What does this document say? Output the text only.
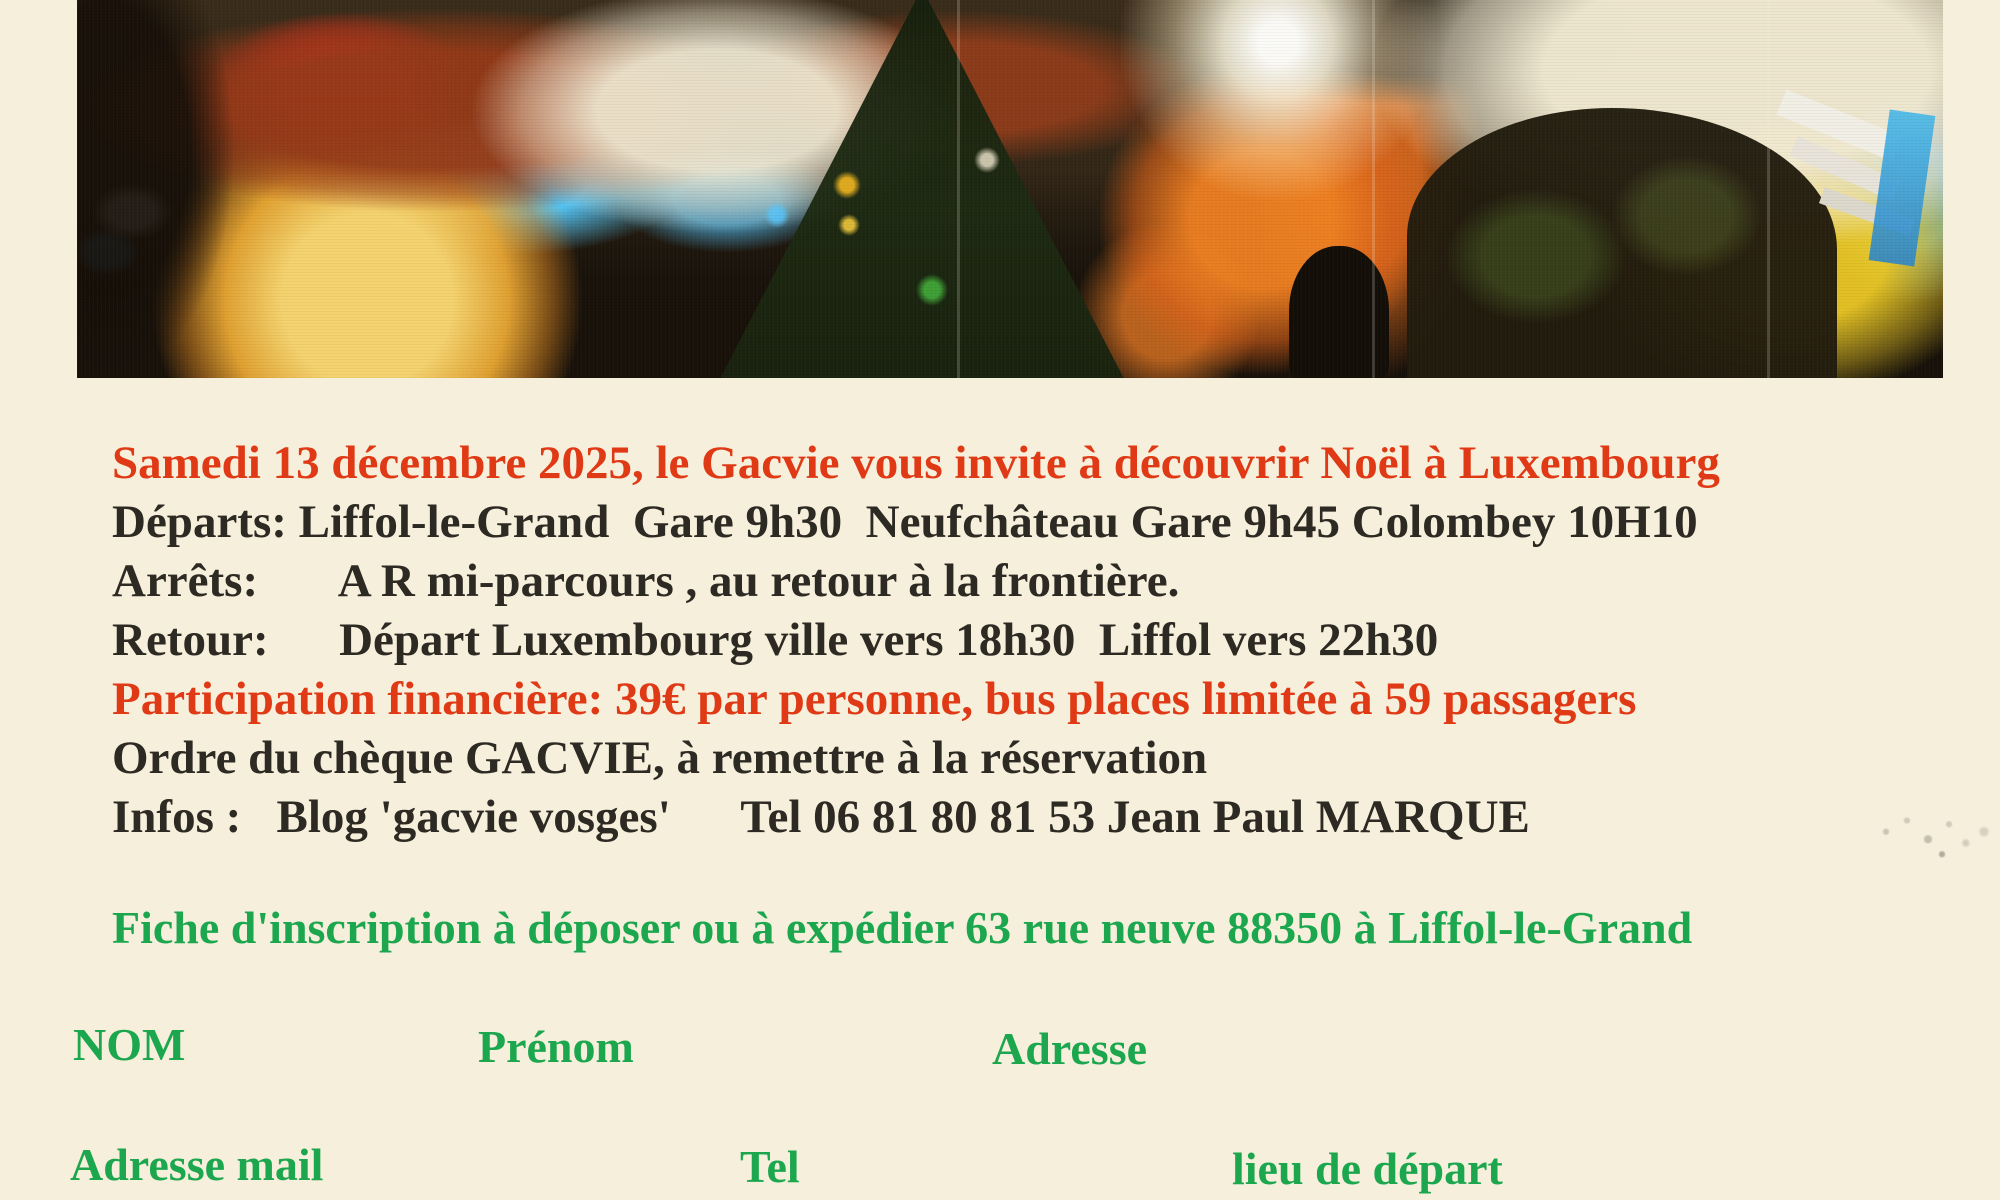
Samedi 13 décembre 2025, le Gacvie vous invite à découvrir Noël à Luxembourg

Départs: Liffol-le-Grand  Gare 9h30  Neufchâteau Gare 9h45 Colombey 10H10

Arrêts:       A R mi-parcours , au retour à la frontière.

Retour:      Départ Luxembourg ville vers 18h30  Liffol vers 22h30

Participation financière: 39€ par personne, bus places limitée à 59 passagers

Ordre du chèque GACVIE, à remettre à la réservation

Infos :   Blog 'gacvie vosges'      Tel 06 81 80 81 53 Jean Paul MARQUE

Fiche d'inscription à déposer ou à expédier 63 rue neuve 88350 à Liffol-le-Grand

NOM	Prénom	Adresse

Adresse mail	Tel	lieu de départ
